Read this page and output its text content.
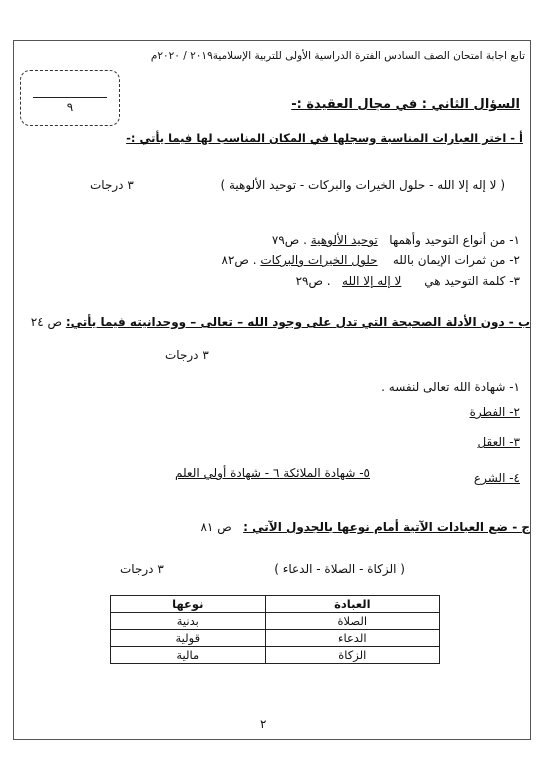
تابع اجابة امتحان الصف السادس الفترة الدراسية الأولى للتربية الإسلامية٢٠١٩ / ٢٠٢٠م
٩	السؤال الثاني : في مجال العقيدة :-
أ - اختر العبارات المناسبة وسجلها في المكان المناسب لها فيما يأتي :-
( لا إله إلا الله - حلول الخيرات والبركات - توحيد الألوهية )
٣ درجات
١- من أنواع التوحيد وأهمها   توحيد الألوهية . ص٧٩
٢- من ثمرات الإيمان بالله    حلول الخيرات والبركات . ص٨٢
٣- كلمة التوحيد هي      لا إله إلا الله   . ص٢٩
ب - دون الأدلة الصحيحة التي تدل على وجود الله – تعالى – ووحدانيته فيما يأتي: ص ٢٤
٣ درجات
١- شهادة الله تعالى لنفسه .
٢- الفطرة
٣- العقل
٤- الشرع
٥- شهادة الملائكة ٦ - شهادة أولي العلم
ج - ضع العبادات الآتية أمام نوعها بالجدول الآتي :   ص ٨١
( الزكاة - الصلاة - الدعاء )
٣ درجات
العبادة	نوعها
الصلاة	بدنية
الدعاء	قولية
الزكاة	مالية
٢
